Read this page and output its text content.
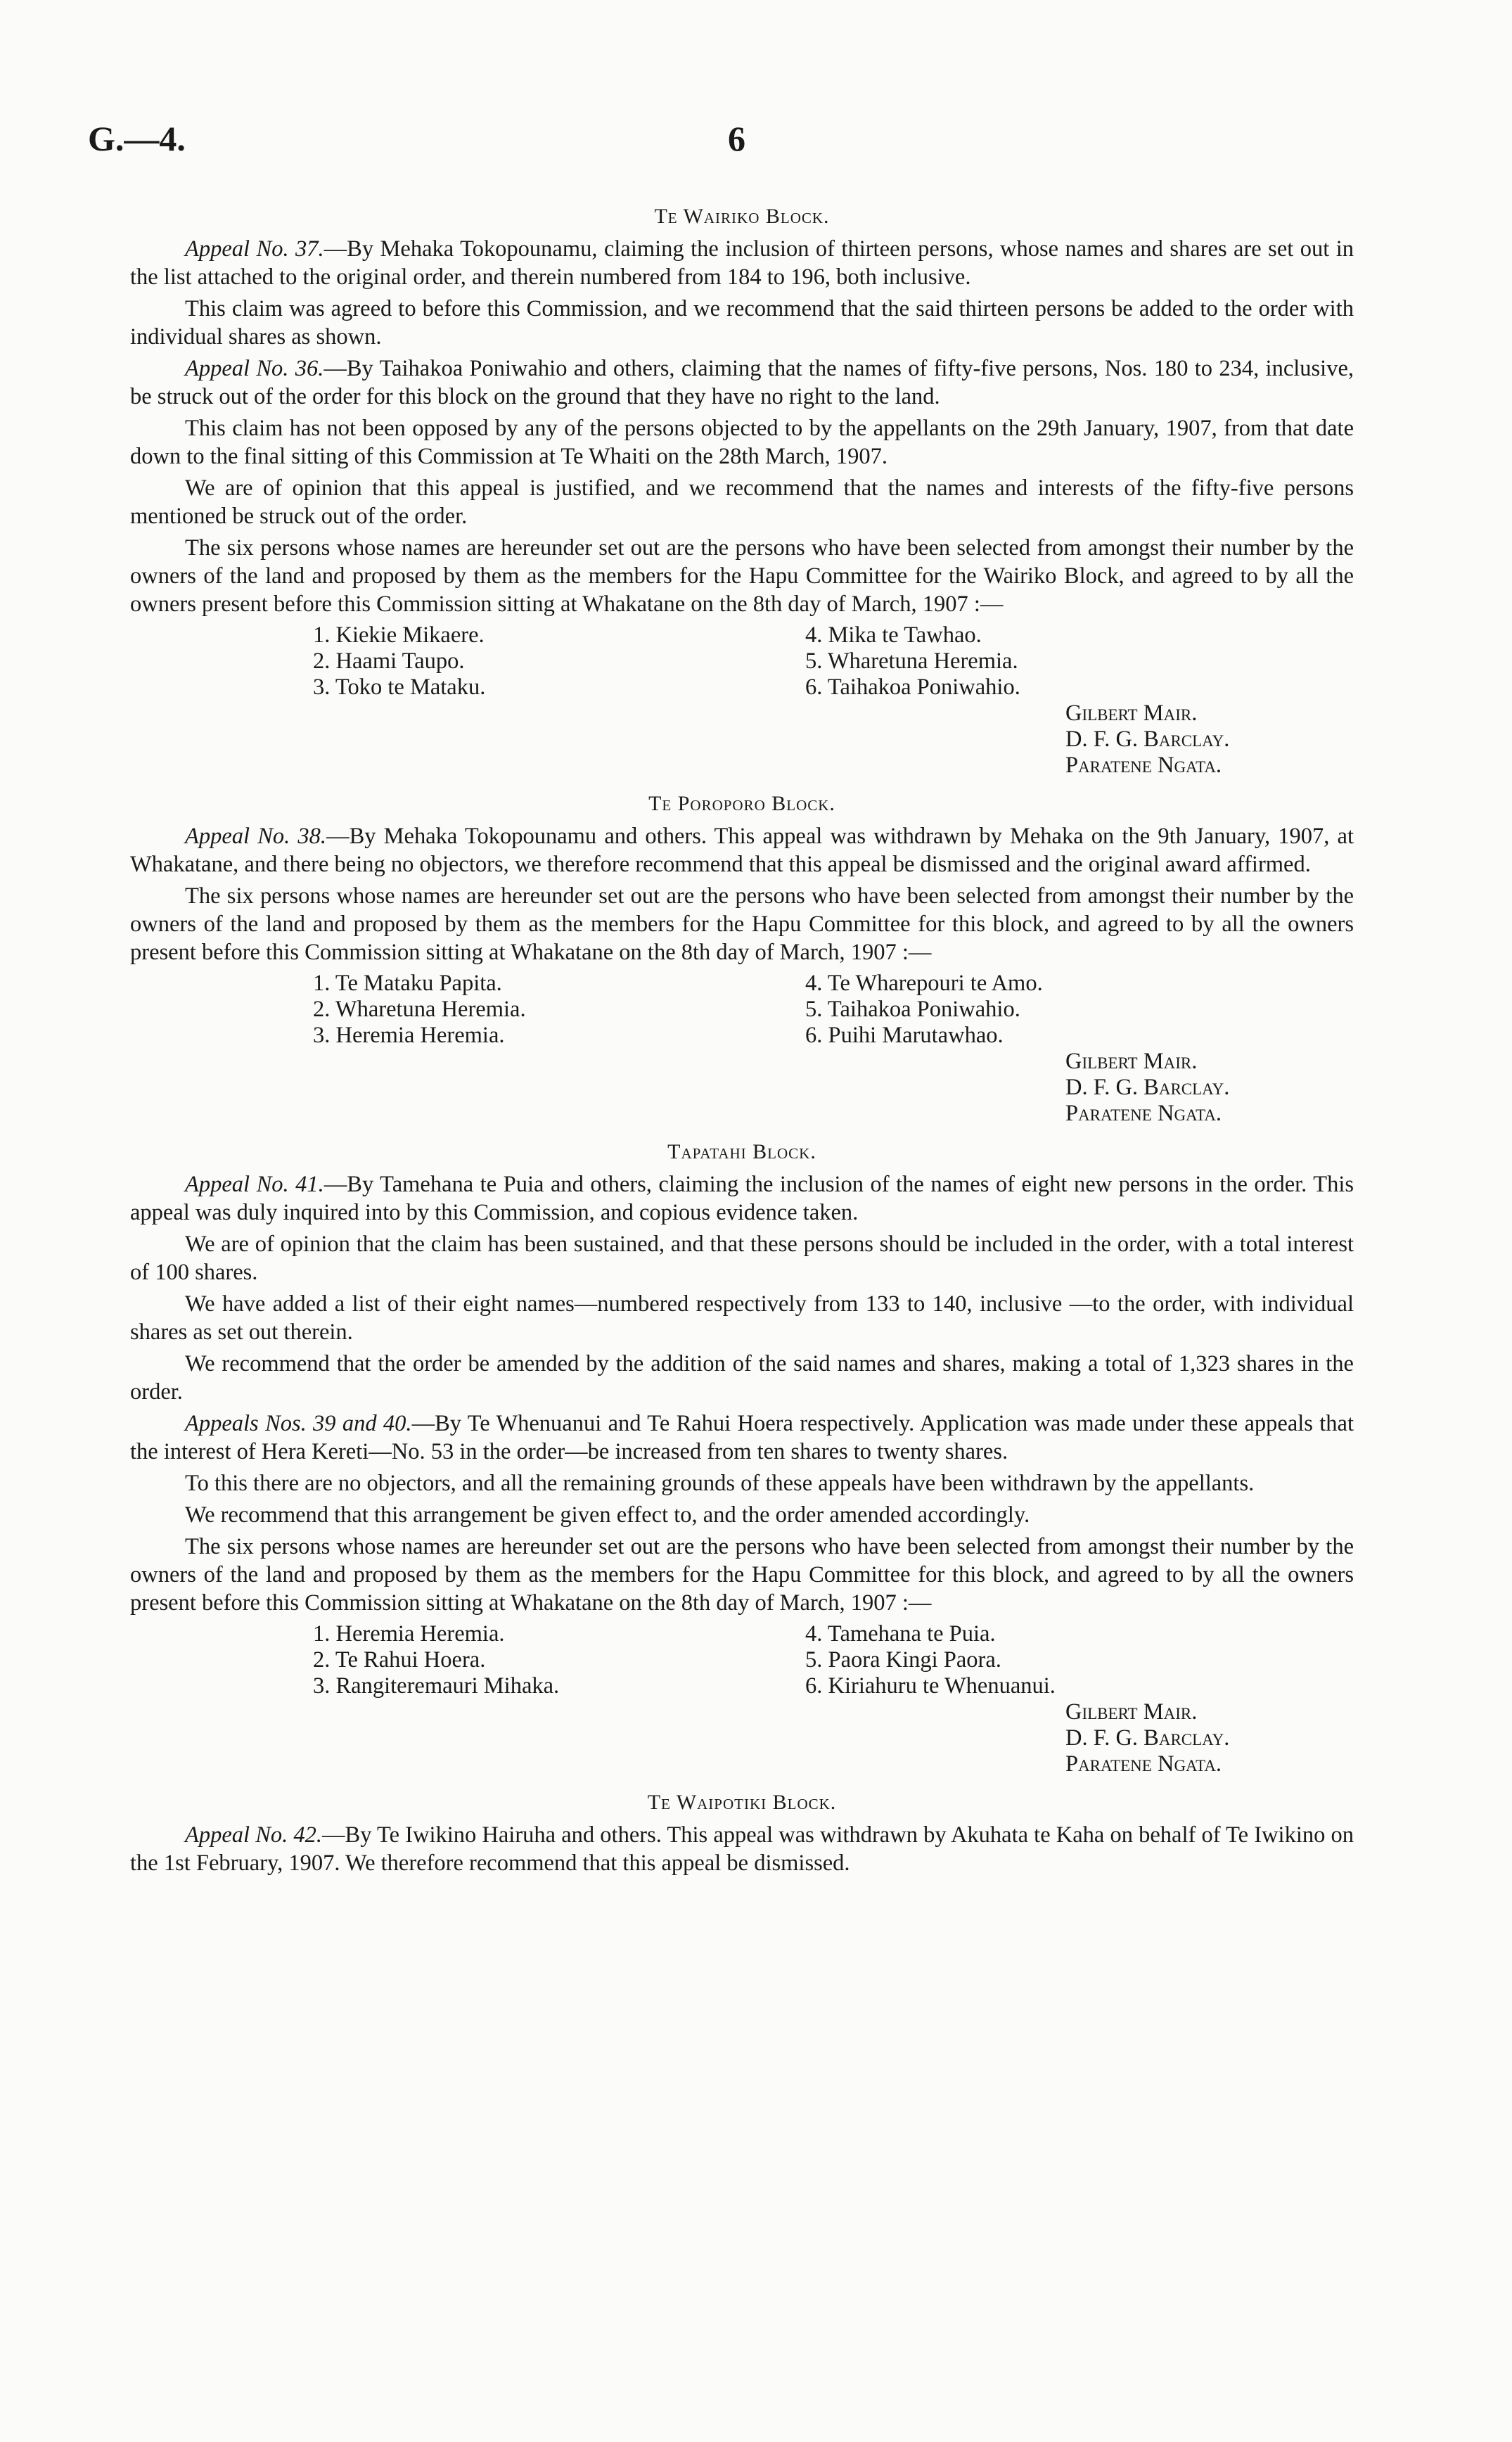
G.—4.	6
Te Wairiko Block.

Appeal No. 37.—By Mehaka Tokopounamu, claiming the inclusion of thirteen persons, whose names and shares are set out in the list attached to the original order, and therein numbered from 184 to 196, both inclusive.

This claim was agreed to before this Commission, and we recommend that the said thirteen persons be added to the order with individual shares as shown.

Appeal No. 36.—By Taihakoa Poniwahio and others, claiming that the names of fifty-five persons, Nos. 180 to 234, inclusive, be struck out of the order for this block on the ground that they have no right to the land.

This claim has not been opposed by any of the persons objected to by the appellants on the 29th January, 1907, from that date down to the final sitting of this Commission at Te Whaiti on the 28th March, 1907.

We are of opinion that this appeal is justified, and we recommend that the names and interests of the fifty-five persons mentioned be struck out of the order.

The six persons whose names are hereunder set out are the persons who have been selected from amongst their number by the owners of the land and proposed by them as the members for the Hapu Committee for the Wairiko Block, and agreed to by all the owners present before this Commission sitting at Whakatane on the 8th day of March, 1907 :—

1. Kiekie Mikaere.
2. Haami Taupo.
3. Toko te Mataku.
4. Mika te Tawhao.
5. Wharetuna Heremia.
6. Taihakoa Poniwahio.
Gilbert Mair.
D. F. G. Barclay.
Paratene Ngata.
Te Poroporo Block.

Appeal No. 38.—By Mehaka Tokopounamu and others. This appeal was withdrawn by Mehaka on the 9th January, 1907, at Whakatane, and there being no objectors, we therefore recommend that this appeal be dismissed and the original award affirmed.

The six persons whose names are hereunder set out are the persons who have been selected from amongst their number by the owners of the land and proposed by them as the members for the Hapu Committee for this block, and agreed to by all the owners present before this Commission sitting at Whakatane on the 8th day of March, 1907 :—

1. Te Mataku Papita.
2. Wharetuna Heremia.
3. Heremia Heremia.
4. Te Wharepouri te Amo.
5. Taihakoa Poniwahio.
6. Puihi Marutawhao.
Gilbert Mair.
D. F. G. Barclay.
Paratene Ngata.
Tapatahi Block.

Appeal No. 41.—By Tamehana te Puia and others, claiming the inclusion of the names of eight new persons in the order. This appeal was duly inquired into by this Commission, and copious evidence taken.

We are of opinion that the claim has been sustained, and that these persons should be included in the order, with a total interest of 100 shares.

We have added a list of their eight names—numbered respectively from 133 to 140, inclusive —to the order, with individual shares as set out therein.

We recommend that the order be amended by the addition of the said names and shares, making a total of 1,323 shares in the order.

Appeals Nos. 39 and 40.—By Te Whenuanui and Te Rahui Hoera respectively. Application was made under these appeals that the interest of Hera Kereti—No. 53 in the order—be increased from ten shares to twenty shares.

To this there are no objectors, and all the remaining grounds of these appeals have been withdrawn by the appellants.

We recommend that this arrangement be given effect to, and the order amended accordingly.

The six persons whose names are hereunder set out are the persons who have been selected from amongst their number by the owners of the land and proposed by them as the members for the Hapu Committee for this block, and agreed to by all the owners present before this Commission sitting at Whakatane on the 8th day of March, 1907 :—

1. Heremia Heremia.
2. Te Rahui Hoera.
3. Rangiteremauri Mihaka.
4. Tamehana te Puia.
5. Paora Kingi Paora.
6. Kiriahuru te Whenuanui.
Gilbert Mair.
D. F. G. Barclay.
Paratene Ngata.
Te Waipotiki Block.

Appeal No. 42.—By Te Iwikino Hairuha and others. This appeal was withdrawn by Akuhata te Kaha on behalf of Te Iwikino on the 1st February, 1907. We therefore recommend that this appeal be dismissed.
